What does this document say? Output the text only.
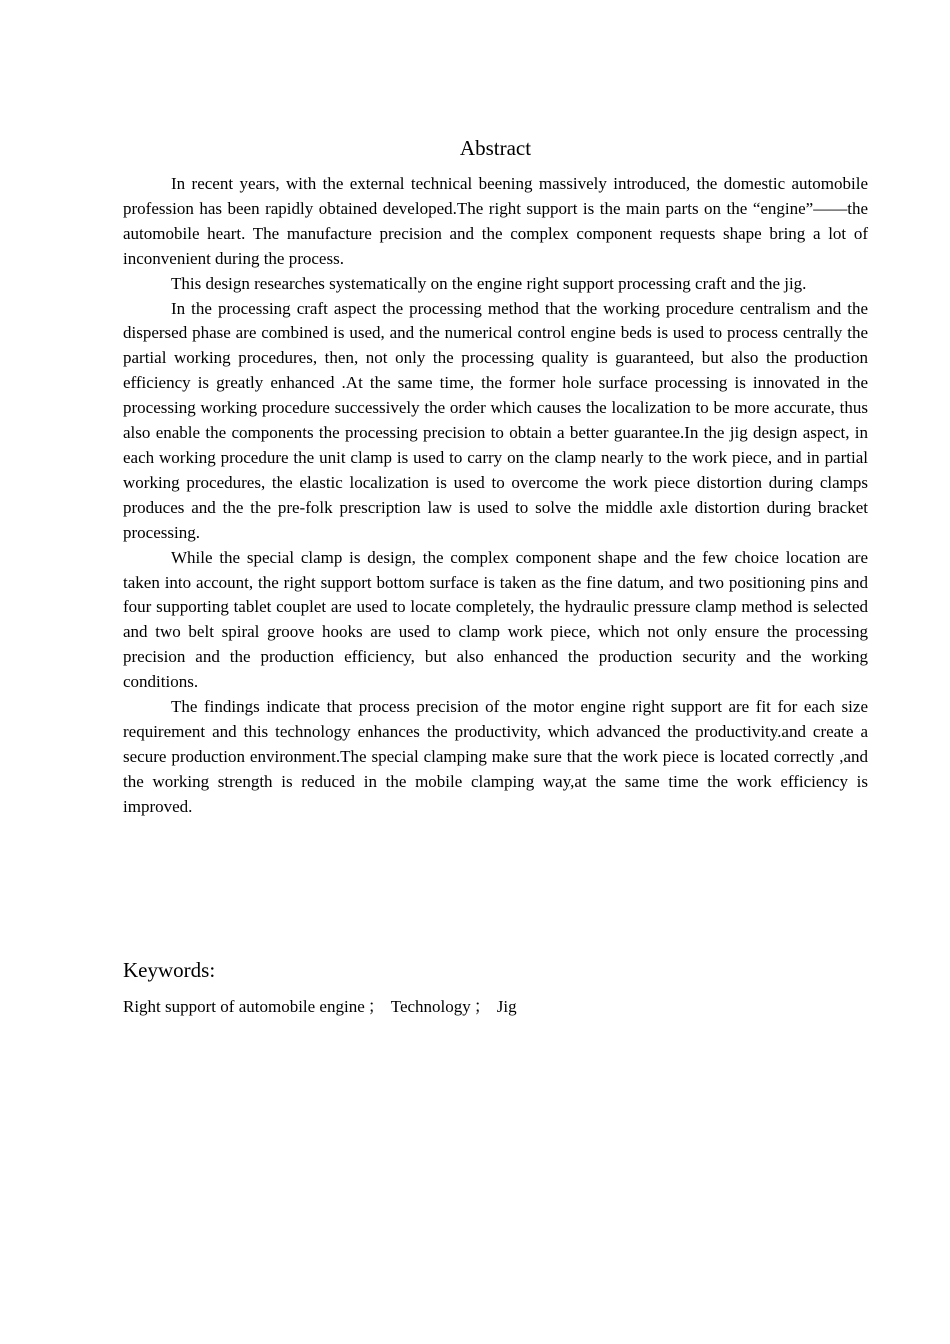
Abstract

In recent years, with the external technical beening massively introduced, the domestic automobile profession has been rapidly obtained developed.The right support is the main parts on the “engine”——the automobile heart. The manufacture precision and the complex component requests shape bring a lot of inconvenient during the process.

This design researches systematically on the engine right support processing craft and the jig.

In the processing craft aspect the processing method that the working procedure centralism and the dispersed phase are combined is used, and the numerical control engine beds is used to process centrally the partial working procedures, then, not only the processing quality is guaranteed, but also the production efficiency is greatly enhanced .At the same time, the former hole surface processing is innovated in the processing working procedure successively the order which causes the localization to be more accurate, thus also enable the components the processing precision to obtain a better guarantee.In the jig design aspect, in each working procedure the unit clamp is used to carry on the clamp nearly to the work piece, and in partial working procedures, the elastic localization is used to overcome the work piece distortion during clamps produces and the the pre-folk prescription law is used to solve the middle axle distortion during bracket processing.

While the special clamp is design, the complex component shape and the few choice location are taken into account, the right support bottom surface is taken as the fine datum, and two positioning pins and four supporting tablet couplet are used to locate completely, the hydraulic pressure clamp method is selected and two belt spiral groove hooks are used to clamp work piece, which not only ensure the processing precision and the production efficiency, but also enhanced the production security and the working conditions.

The findings indicate that process precision of the motor engine right support are fit for each size requirement and this technology enhances the productivity, which advanced the productivity.and create a secure production environment.The special clamping make sure that the work piece is located correctly ,and the working strength is reduced in the mobile clamping way,at the same time the work efficiency is improved.

Keywords:
Right support of automobile engine ； Technology ； Jig
